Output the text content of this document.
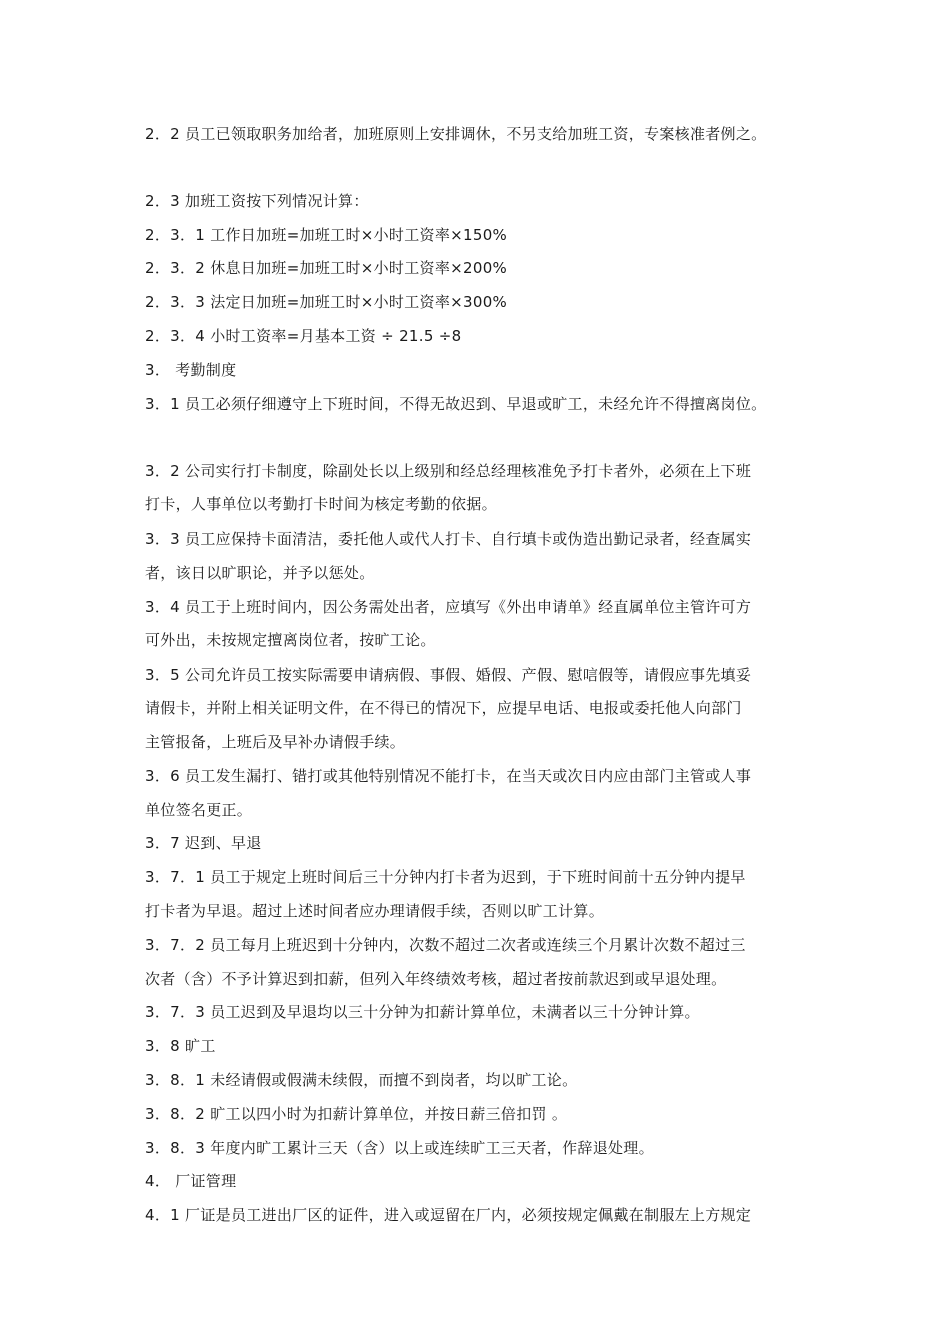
2．2 员工已领取职务加给者，加班原则上安排调休，不另支给加班工资，专案核准者例之。
2．3 加班工资按下列情况计算：
2．3．1 工作日加班=加班工时×小时工资率×150%
2．3．2 休息日加班=加班工时×小时工资率×200%
2．3．3 法定日加班=加班工时×小时工资率×300%
2．3．4 小时工资率=月基本工资 ÷ 21.5 ÷8
3． 考勤制度
3．1 员工必须仔细遵守上下班时间，不得无故迟到、早退或旷工，未经允许不得擅离岗位。
3．2 公司实行打卡制度，除副处长以上级别和经总经理核准免予打卡者外，必须在上下班
打卡，人事单位以考勤打卡时间为核定考勤的依据。
3．3 员工应保持卡面清洁，委托他人或代人打卡、自行填卡或伪造出勤记录者，经查属实
者，该日以旷职论，并予以惩处。
3．4 员工于上班时间内，因公务需处出者，应填写《外出申请单》经直属单位主管许可方
可外出，未按规定擅离岗位者，按旷工论。
3．5 公司允许员工按实际需要申请病假、事假、婚假、产假、慰唁假等，请假应事先填妥
请假卡，并附上相关证明文件，在不得已的情况下，应提早电话、电报或委托他人向部门
主管报备，上班后及早补办请假手续。
3．6 员工发生漏打、错打或其他特别情况不能打卡，在当天或次日内应由部门主管或人事
单位签名更正。
3．7 迟到、早退
3．7．1 员工于规定上班时间后三十分钟内打卡者为迟到，于下班时间前十五分钟内提早
打卡者为早退。超过上述时间者应办理请假手续，否则以旷工计算。
3．7．2 员工每月上班迟到十分钟内，次数不超过二次者或连续三个月累计次数不超过三
次者（含）不予计算迟到扣薪，但列入年终绩效考核，超过者按前款迟到或早退处理。
3．7．3 员工迟到及早退均以三十分钟为扣薪计算单位，未满者以三十分钟计算。
3．8 旷工
3．8．1 未经请假或假满未续假，而擅不到岗者，均以旷工论。
3．8．2 旷工以四小时为扣薪计算单位，并按日薪三倍扣罚 。
3．8．3 年度内旷工累计三天（含）以上或连续旷工三天者，作辞退处理。
4． 厂证管理
4．1 厂证是员工进出厂区的证件，进入或逗留在厂内，必须按规定佩戴在制服左上方规定
